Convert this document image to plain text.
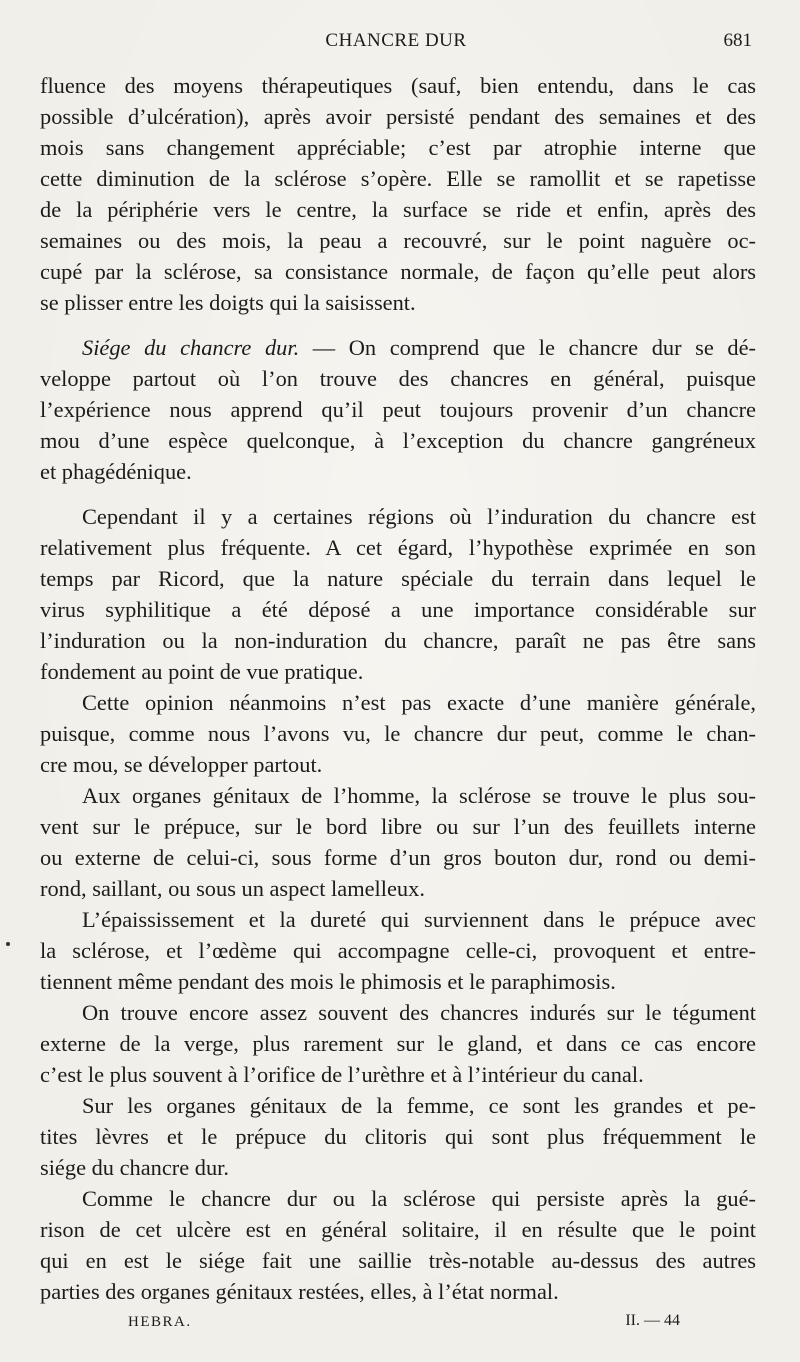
CHANCRE DUR	681
fluence des moyens thérapeutiques (sauf, bien entendu, dans le cas
possible d’ulcération), après avoir persisté pendant des semaines et des
mois sans changement appréciable; c’est par atrophie interne que
cette diminution de la sclérose s’opère. Elle se ramollit et se rapetisse
de la périphérie vers le centre, la surface se ride et enfin, après des
semaines ou des mois, la peau a recouvré, sur le point naguère oc-
cupé par la sclérose, sa consistance normale, de façon qu’elle peut alors
se plisser entre les doigts qui la saisissent.
Siége du chancre dur. — On comprend que le chancre dur se dé-
veloppe partout où l’on trouve des chancres en général, puisque
l’expérience nous apprend qu’il peut toujours provenir d’un chancre
mou d’une espèce quelconque, à l’exception du chancre gangréneux
et phagédénique.
Cependant il y a certaines régions où l’induration du chancre est
relativement plus fréquente. A cet égard, l’hypothèse exprimée en son
temps par Ricord, que la nature spéciale du terrain dans lequel le
virus syphilitique a été déposé a une importance considérable sur
l’induration ou la non-induration du chancre, paraît ne pas être sans
fondement au point de vue pratique.
Cette opinion néanmoins n’est pas exacte d’une manière générale,
puisque, comme nous l’avons vu, le chancre dur peut, comme le chan-
cre mou, se développer partout.
Aux organes génitaux de l’homme, la sclérose se trouve le plus sou-
vent sur le prépuce, sur le bord libre ou sur l’un des feuillets interne
ou externe de celui-ci, sous forme d’un gros bouton dur, rond ou demi-
rond, saillant, ou sous un aspect lamelleux.
L’épaississement et la dureté qui surviennent dans le prépuce avec
la sclérose, et l’œdème qui accompagne celle-ci, provoquent et entre-
tiennent même pendant des mois le phimosis et le paraphimosis.
On trouve encore assez souvent des chancres indurés sur le tégument
externe de la verge, plus rarement sur le gland, et dans ce cas encore
c’est le plus souvent à l’orifice de l’urèthre et à l’intérieur du canal.
Sur les organes génitaux de la femme, ce sont les grandes et pe-
tites lèvres et le prépuce du clitoris qui sont plus fréquemment le
siége du chancre dur.
Comme le chancre dur ou la sclérose qui persiste après la gué-
rison de cet ulcère est en général solitaire, il en résulte que le point
qui en est le siége fait une saillie très-notable au-dessus des autres
parties des organes génitaux restées, elles, à l’état normal.
HEBRA.	II. — 44
